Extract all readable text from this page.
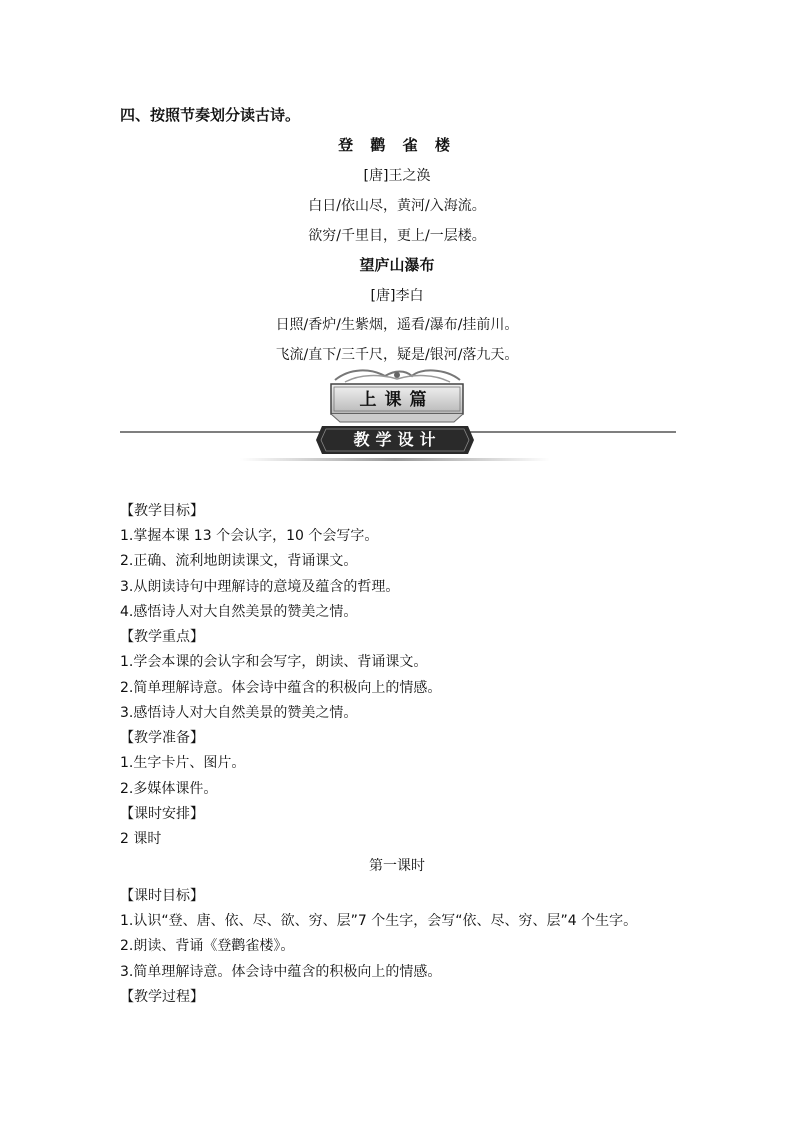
四、按照节奏划分读古诗。
登 鹳 雀 楼
[唐]王之涣
白日/依山尽，黄河/入海流。
欲穷/千里目，更上/一层楼。
望庐山瀑布
[唐]李白
日照/香炉/生紫烟，遥看/瀑布/挂前川。
飞流/直下/三千尺，疑是/银河/落九天。
上课篇
教学设计
【教学目标】
1.掌握本课 13 个会认字，10 个会写字。
2.正确、流利地朗读课文，背诵课文。
3.从朗读诗句中理解诗的意境及蕴含的哲理。
4.感悟诗人对大自然美景的赞美之情。
【教学重点】
1.学会本课的会认字和会写字，朗读、背诵课文。
2.简单理解诗意。体会诗中蕴含的积极向上的情感。
3.感悟诗人对大自然美景的赞美之情。
【教学准备】
1.生字卡片、图片。
2.多媒体课件。
【课时安排】
2 课时
第一课时
【课时目标】
1.认识“登、唐、依、尽、欲、穷、层”7 个生字，会写“依、尽、穷、层”4 个生字。
2.朗读、背诵《登鹳雀楼》。
3.简单理解诗意。体会诗中蕴含的积极向上的情感。
【教学过程】
